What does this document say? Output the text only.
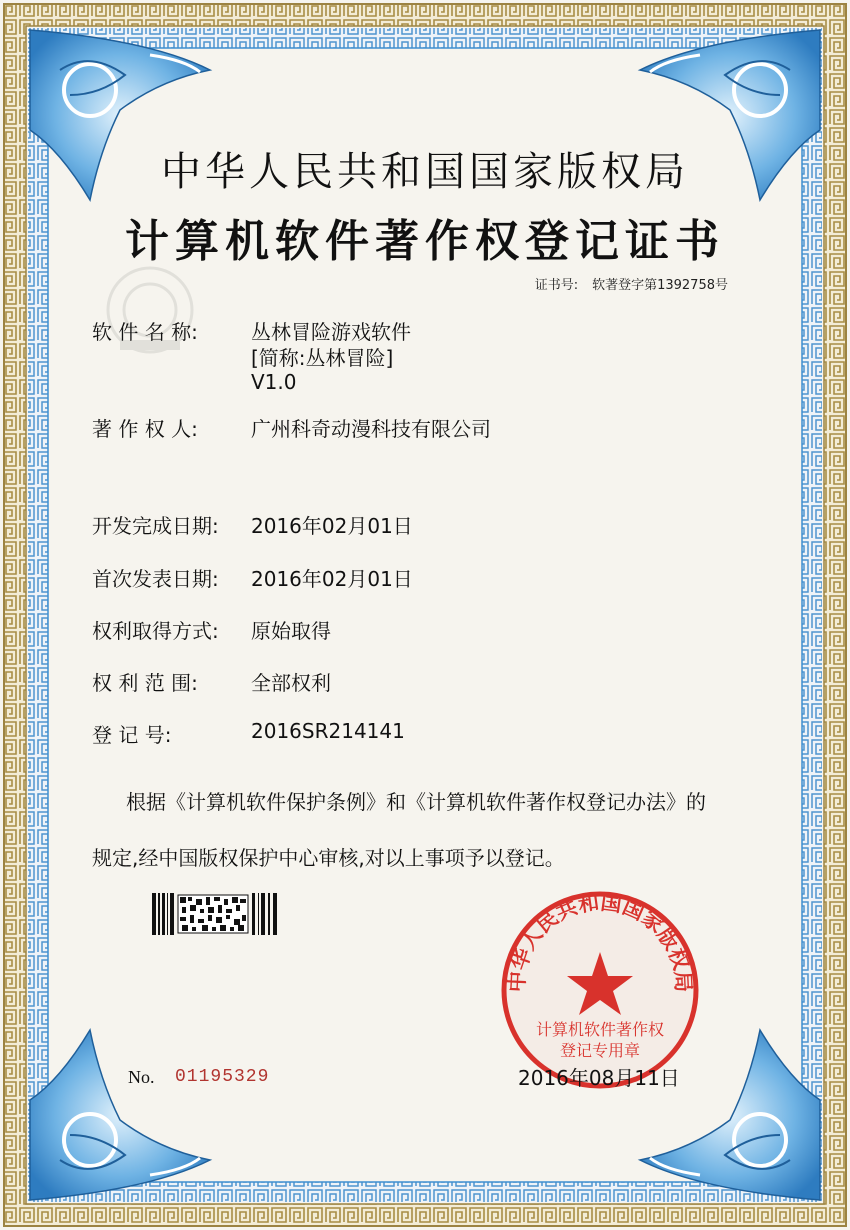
中华人民共和国国家版权局
计算机软件著作权登记证书
证书号: 软著登字第1392758号
软 件 名 称:	丛林冒险游戏软件
[简称:丛林冒险]
V1.0
著 作 权 人:	广州科奇动漫科技有限公司
开发完成日期: 2016年02月01日
首次发表日期: 2016年02月01日
权利取得方式: 原始取得
权 利 范 围:	全部权利
登 记 号:	2016SR214141
根据《计算机软件保护条例》和《计算机软件著作权登记办法》的
规定,经中国版权保护中心审核,对以上事项予以登记。
中华人民共和国国家版权局
计算机软件著作权
登记专用章
No. 01195329	2016年08月11日
